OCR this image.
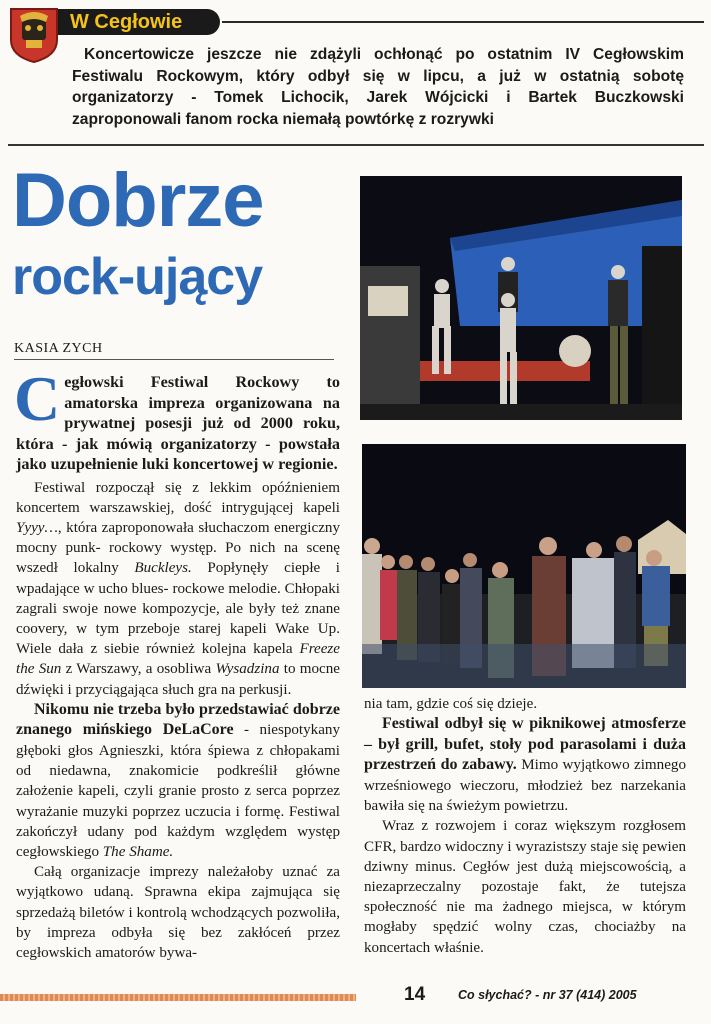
W Cegłowie

Koncertowicze jeszcze nie zdążyli ochłonąć po ostatnim IV Cegłowskim Festiwalu Rockowym, który odbył się w lipcu, a już w ostatnią sobotę organizatorzy - Tomek Lichocik, Jarek Wójcicki i Bartek Buczkowski zaproponowali fanom rocka niemałą powtórkę z rozrywki

Dobrze
rock-ujący
KASIA ZYCH

Cegłowski Festiwal Rockowy to amatorska impreza organizowana na prywatnej posesji już od 2000 roku, która - jak mówią organizatorzy - powstała jako uzupełnienie luki koncertowej w regionie.

Festiwal rozpoczął się z lekkim opóźnieniem koncertem warszawskiej, dość intrygującej kapeli Yyyy…, która zaproponowała słuchaczom energiczny mocny punk- rockowy występ. Po nich na scenę wszedł lokalny Buckleys. Popłynęły ciepłe i wpadające w ucho blues- rockowe melodie. Chłopaki zagrali swoje nowe kompozycje, ale były też znane coovery, w tym przeboje starej kapeli Wake Up. Wiele dała z siebie również kolejna kapela Freeze the Sun z Warszawy, a osobliwa Wysadzina to mocne dźwięki i przyciągająca słuch gra na perkusji.

Nikomu nie trzeba było przedstawiać dobrze znanego mińskiego DeLaCore - niespotykany głęboki głos Agnieszki, która śpiewa z chłopakami od niedawna, znakomicie podkreślił główne założenie kapeli, czyli granie prosto z serca poprzez wyrażanie muzyki poprzez uczucia i formę. Festiwal zakończył udany pod każdym względem występ cegłowskiego The Shame.

Całą organizacje imprezy należałoby uznać za wyjątkowo udaną. Sprawna ekipa zajmująca się sprzedażą biletów i kontrolą wchodzących pozwoliła, by impreza odbyła się bez zakłóceń przez cegłowskich amatorów bywa-

nia tam, gdzie coś się dzieje.

Festiwal odbył się w piknikowej atmosferze – był grill, bufet, stoły pod parasolami i duża przestrzeń do zabawy. Mimo wyjątkowo zimnego wrześniowego wieczoru, młodzież bez narzekania bawiła się na świeżym powietrzu.

Wraz z rozwojem i coraz większym rozgłosem CFR, bardzo widoczny i wyrazistszy staje się pewien dziwny minus. Cegłów jest dużą miejscowością, a niezaprzeczalny pozostaje fakt, że tutejsza społeczność nie ma żadnego miejsca, w którym mogłaby spędzić wolny czas, chociażby na koncertach właśnie.

14	Co słychać? - nr 37 (414) 2005
